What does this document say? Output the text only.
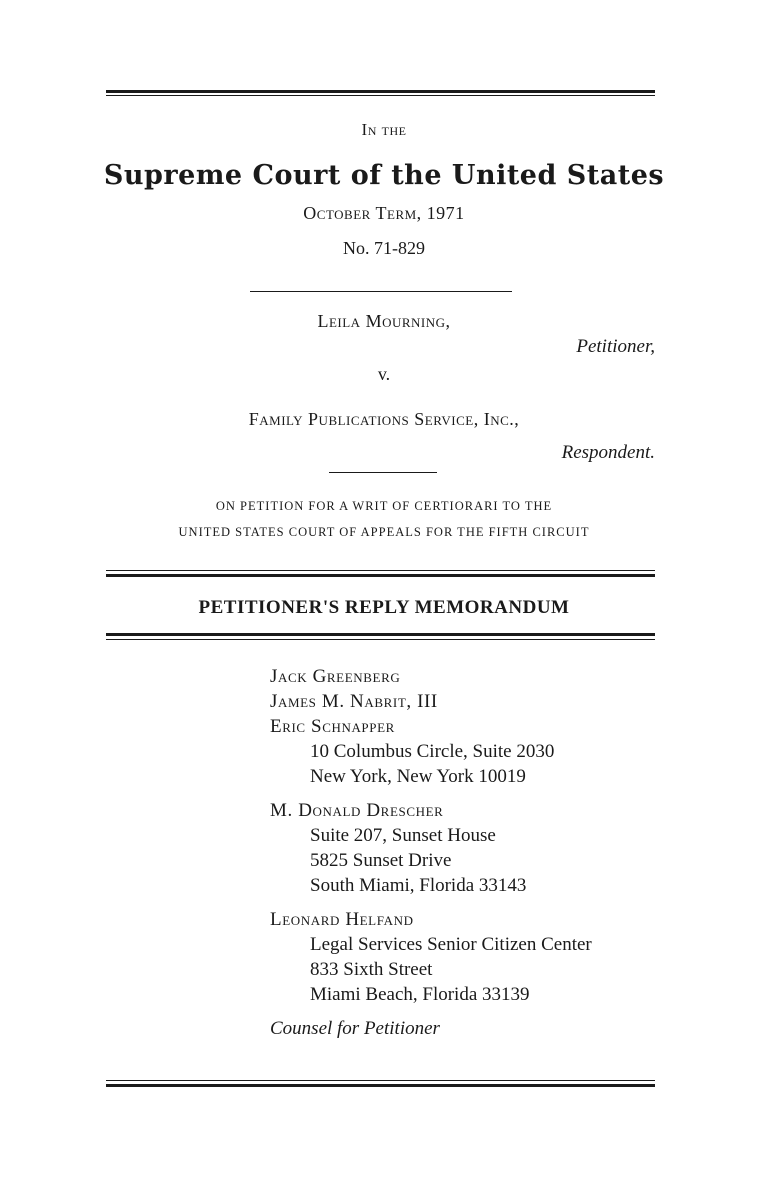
In the
Supreme Court of the United States
October Term, 1971
No. 71-829
Leila Mourning,
Petitioner,
v.
Family Publications Service, Inc.,
Respondent.
ON PETITION FOR A WRIT OF CERTIORARI TO THE
UNITED STATES COURT OF APPEALS FOR THE FIFTH CIRCUIT
PETITIONER'S REPLY MEMORANDUM
Jack Greenberg
James M. Nabrit, III
Eric Schnapper
10 Columbus Circle, Suite 2030
New York, New York 10019
M. Donald Drescher
Suite 207, Sunset House
5825 Sunset Drive
South Miami, Florida 33143
Leonard Helfand
Legal Services Senior Citizen Center
833 Sixth Street
Miami Beach, Florida 33139
Counsel for Petitioner
